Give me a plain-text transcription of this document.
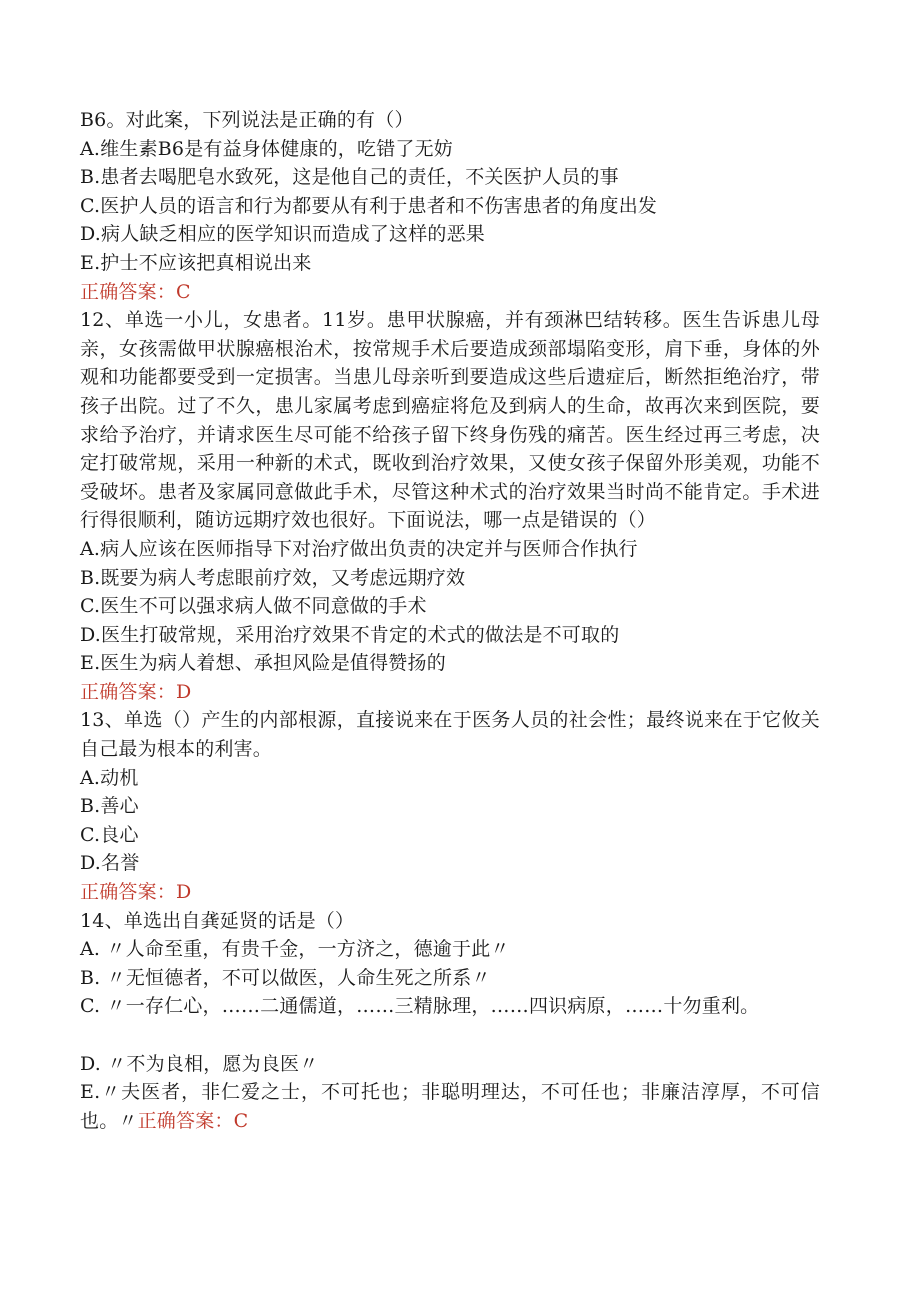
B6。对此案，下列说法是正确的有（）
A.维生素B6是有益身体健康的，吃错了无妨
B.患者去喝肥皂水致死，这是他自己的责任，不关医护人员的事
C.医护人员的语言和行为都要从有利于患者和不伤害患者的角度出发
D.病人缺乏相应的医学知识而造成了这样的恶果
E.护士不应该把真相说出来
正确答案：C
12、单选一小儿，女患者。11岁。患甲状腺癌，并有颈淋巴结转移。医生告诉患儿母亲，女孩需做甲状腺癌根治术，按常规手术后要造成颈部塌陷变形，肩下垂，身体的外观和功能都要受到一定损害。当患儿母亲听到要造成这些后遗症后，断然拒绝治疗，带孩子出院。过了不久，患儿家属考虑到癌症将危及到病人的生命，故再次来到医院，要求给予治疗，并请求医生尽可能不给孩子留下终身伤残的痛苦。医生经过再三考虑，决定打破常规，采用一种新的术式，既收到治疗效果，又使女孩子保留外形美观，功能不受破坏。患者及家属同意做此手术，尽管这种术式的治疗效果当时尚不能肯定。手术进行得很顺利，随访远期疗效也很好。下面说法，哪一点是错误的（）
A.病人应该在医师指导下对治疗做出负责的决定并与医师合作执行
B.既要为病人考虑眼前疗效，又考虑远期疗效
C.医生不可以强求病人做不同意做的手术
D.医生打破常规，采用治疗效果不肯定的术式的做法是不可取的
E.医生为病人着想、承担风险是值得赞扬的
正确答案：D
13、单选（）产生的内部根源，直接说来在于医务人员的社会性；最终说来在于它攸关自己最为根本的利害。
A.动机
B.善心
C.良心
D.名誉
正确答案：D
14、单选出自龚延贤的话是（）
A. 〃人命至重，有贵千金，一方济之，德逾于此〃
B. 〃无恒德者，不可以做医，人命生死之所系〃
C. 〃一存仁心，……二通儒道，……三精脉理，……四识病原，……十勿重利。
D. 〃不为良相，愿为良医〃
E.〃夫医者，非仁爱之士，不可托也；非聪明理达，不可任也；非廉洁淳厚，不可信也。〃正确答案：C
